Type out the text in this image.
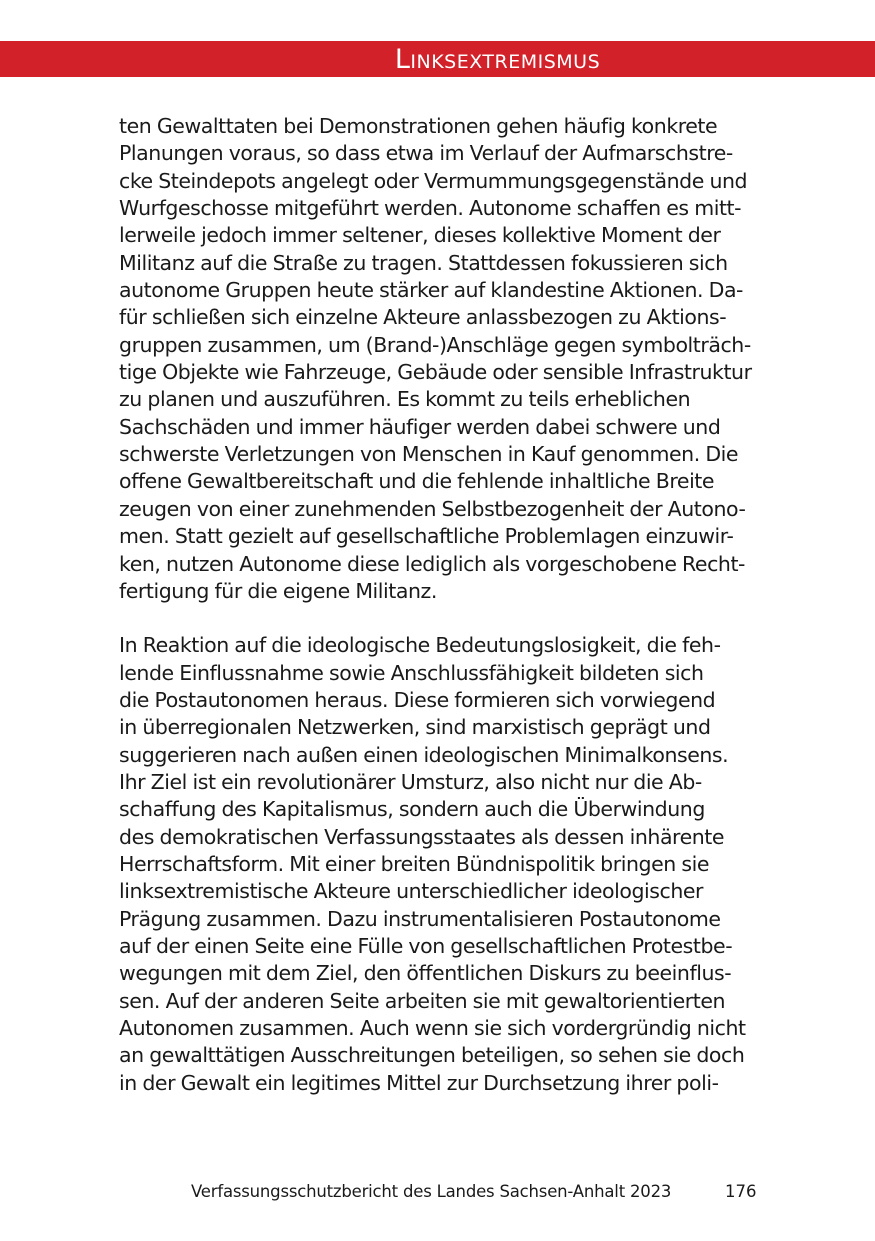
Linksextremismus
ten Gewalttaten bei Demonstrationen gehen häufig konkrete
Planungen voraus, so dass etwa im Verlauf der Aufmarschstre-
cke Steindepots angelegt oder Vermummungsgegenstände und
Wurfgeschosse mitgeführt werden. Autonome schaffen es mitt-
lerweile jedoch immer seltener, dieses kollektive Moment der
Militanz auf die Straße zu tragen. Stattdessen fokussieren sich
autonome Gruppen heute stärker auf klandestine Aktionen. Da-
für schließen sich einzelne Akteure anlassbezogen zu Aktions-
gruppen zusammen, um (Brand-)Anschläge gegen symbolträch-
tige Objekte wie Fahrzeuge, Gebäude oder sensible Infrastruktur
zu planen und auszuführen. Es kommt zu teils erheblichen
Sachschäden und immer häufiger werden dabei schwere und
schwerste Verletzungen von Menschen in Kauf genommen. Die
offene Gewaltbereitschaft und die fehlende inhaltliche Breite
zeugen von einer zunehmenden Selbstbezogenheit der Autono-
men. Statt gezielt auf gesellschaftliche Problemlagen einzuwir-
ken, nutzen Autonome diese lediglich als vorgeschobene Recht-
fertigung für die eigene Militanz.
In Reaktion auf die ideologische Bedeutungslosigkeit, die feh-
lende Einflussnahme sowie Anschlussfähigkeit bildeten sich
die Postautonomen heraus. Diese formieren sich vorwiegend
in überregionalen Netzwerken, sind marxistisch geprägt und
suggerieren nach außen einen ideologischen Minimalkonsens.
Ihr Ziel ist ein revolutionärer Umsturz, also nicht nur die Ab-
schaffung des Kapitalismus, sondern auch die Überwindung
des demokratischen Verfassungsstaates als dessen inhärente
Herrschaftsform. Mit einer breiten Bündnispolitik bringen sie
linksextremistische Akteure unterschiedlicher ideologischer
Prägung zusammen. Dazu instrumentalisieren Postautonome
auf der einen Seite eine Fülle von gesellschaftlichen Protestbe-
wegungen mit dem Ziel, den öffentlichen Diskurs zu beeinflus-
sen. Auf der anderen Seite arbeiten sie mit gewaltorientierten
Autonomen zusammen. Auch wenn sie sich vordergründig nicht
an gewalttätigen Ausschreitungen beteiligen, so sehen sie doch
in der Gewalt ein legitimes Mittel zur Durchsetzung ihrer poli-
Verfassungsschutzbericht des Landes Sachsen-Anhalt 2023	176
